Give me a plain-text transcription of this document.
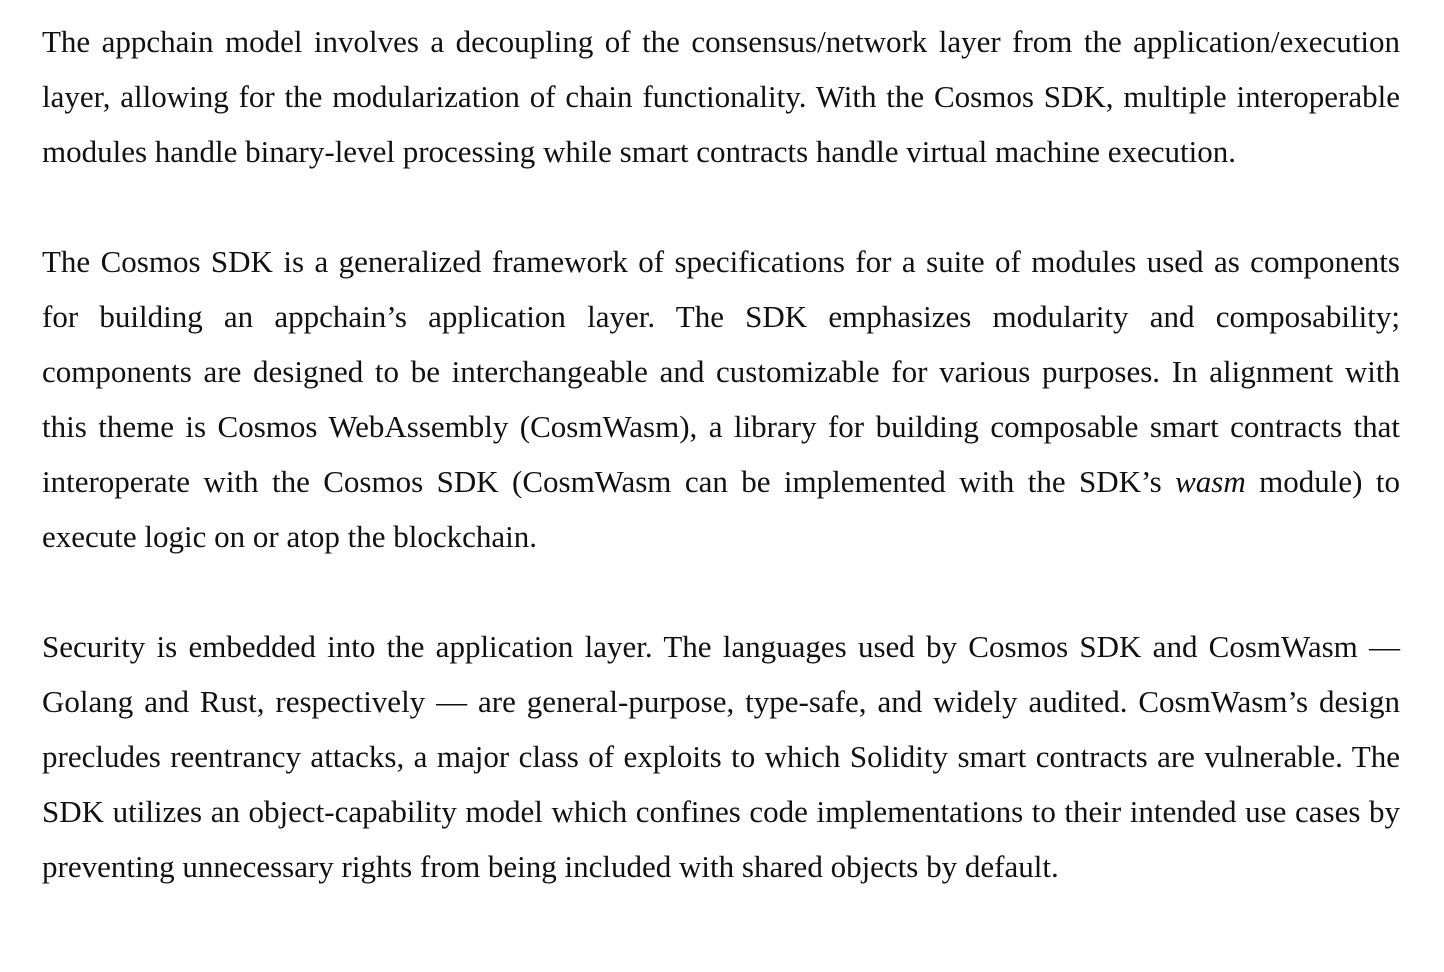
The appchain model involves a decoupling of the consensus/network layer from the application/execution layer, allowing for the modularization of chain functionality. With the Cosmos SDK, multiple interoperable modules handle binary-level processing while smart contracts handle virtual machine execution.

The Cosmos SDK is a generalized framework of specifications for a suite of modules used as components for building an appchain’s application layer. The SDK emphasizes modularity and composability; components are designed to be interchangeable and customizable for various purposes. In alignment with this theme is Cosmos WebAssembly (CosmWasm), a library for building composable smart contracts that interoperate with the Cosmos SDK (CosmWasm can be implemented with the SDK’s wasm module) to execute logic on or atop the blockchain.

Security is embedded into the application layer. The languages used by Cosmos SDK and CosmWasm — Golang and Rust, respectively — are general-purpose, type-safe, and widely audited. CosmWasm’s design precludes reentrancy attacks, a major class of exploits to which Solidity smart contracts are vulnerable. The SDK utilizes an object-capability model which confines code implementations to their intended use cases by preventing unnecessary rights from being included with shared objects by default.
